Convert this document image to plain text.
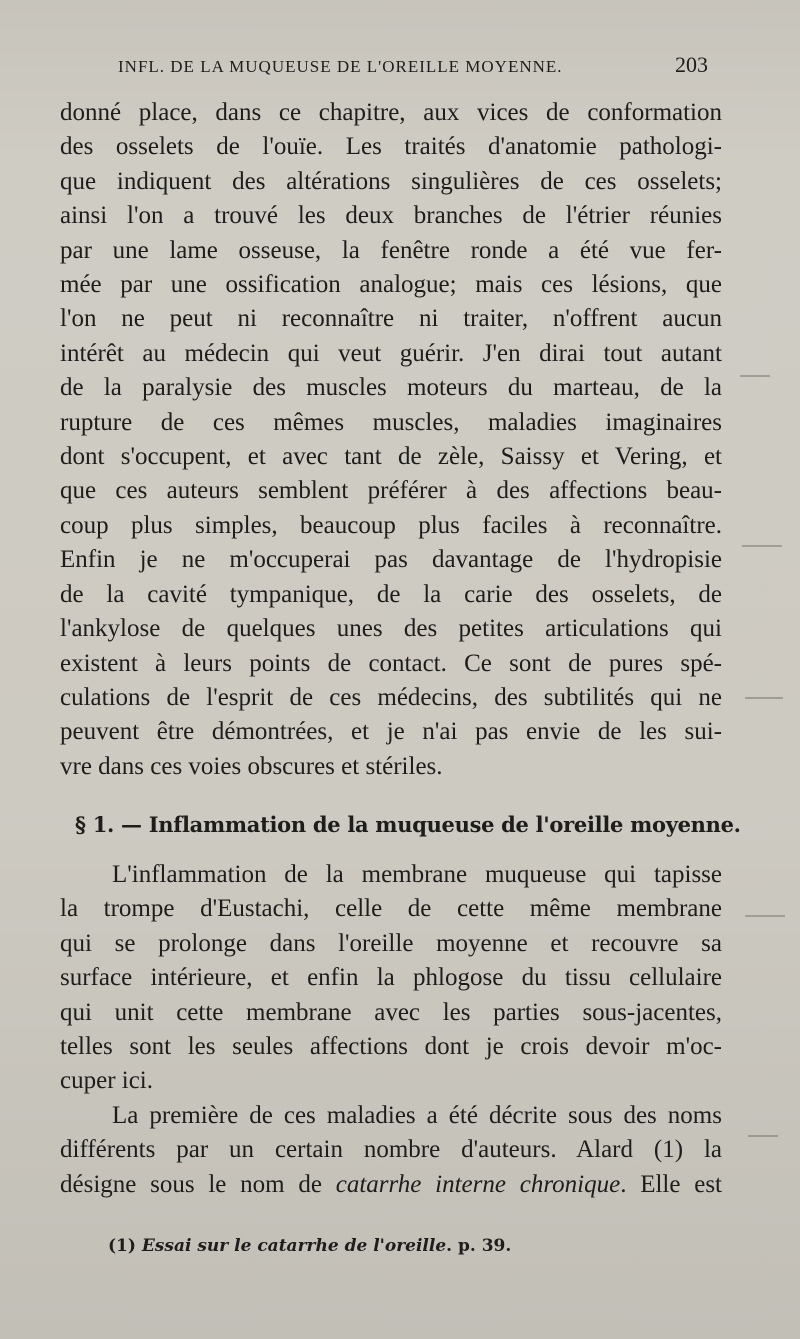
INFL. DE LA MUQUEUSE DE L'OREILLE MOYENNE.	203
donné place, dans ce chapitre, aux vices de conformation
des osselets de l'ouïe. Les traités d'anatomie pathologi-
que indiquent des altérations singulières de ces osselets;
ainsi l'on a trouvé les deux branches de l'étrier réunies
par une lame osseuse, la fenêtre ronde a été vue fer-
mée par une ossification analogue; mais ces lésions, que
l'on ne peut ni reconnaître ni traiter, n'offrent aucun
intérêt au médecin qui veut guérir. J'en dirai tout autant
de la paralysie des muscles moteurs du marteau, de la
rupture de ces mêmes muscles, maladies imaginaires
dont s'occupent, et avec tant de zèle, Saissy et Vering, et
que ces auteurs semblent préférer à des affections beau-
coup plus simples, beaucoup plus faciles à reconnaître.
Enfin je ne m'occuperai pas davantage de l'hydropisie
de la cavité tympanique, de la carie des osselets, de
l'ankylose de quelques unes des petites articulations qui
existent à leurs points de contact. Ce sont de pures spé-
culations de l'esprit de ces médecins, des subtilités qui ne
peuvent être démontrées, et je n'ai pas envie de les sui-
vre dans ces voies obscures et stériles.
§ 1. — Inflammation de la muqueuse de l'oreille moyenne.
L'inflammation de la membrane muqueuse qui tapisse
la trompe d'Eustachi, celle de cette même membrane
qui se prolonge dans l'oreille moyenne et recouvre sa
surface intérieure, et enfin la phlogose du tissu cellulaire
qui unit cette membrane avec les parties sous-jacentes,
telles sont les seules affections dont je crois devoir m'oc-
cuper ici.
La première de ces maladies a été décrite sous des noms
différents par un certain nombre d'auteurs. Alard (1) la
désigne sous le nom de catarrhe interne chronique. Elle est
(1) Essai sur le catarrhe de l'oreille. p. 39.
